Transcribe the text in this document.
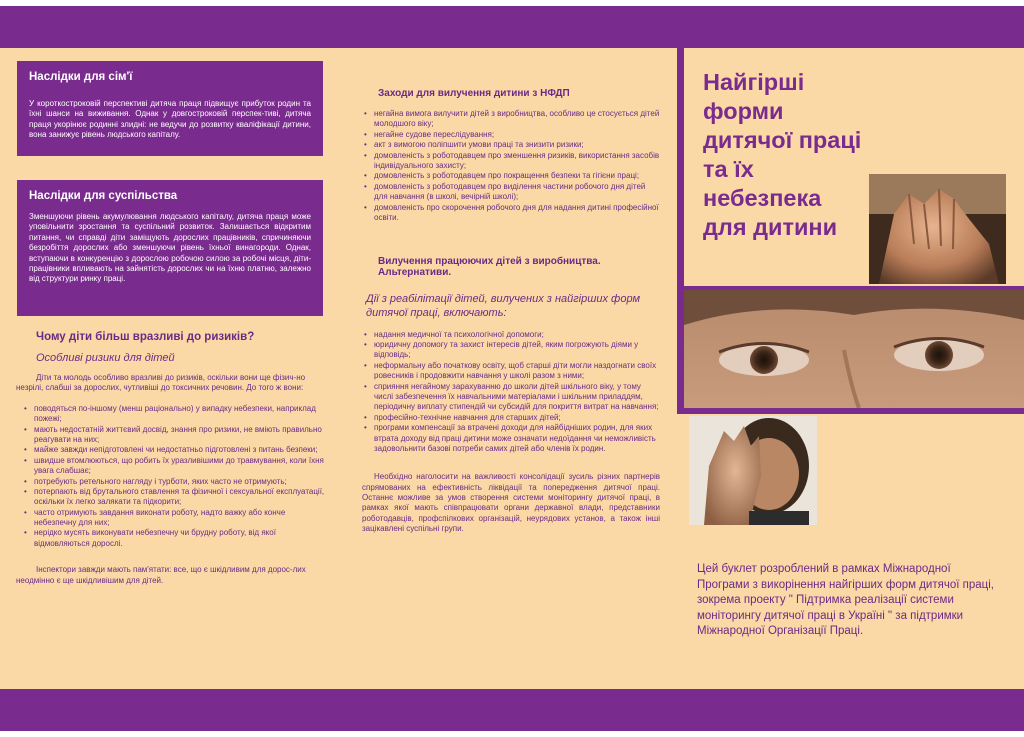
Наслідки для сім'ї

У короткостроковій перспективі дитяча праця підвищує прибуток родин та їхні шанси на виживання. Однак у довгостроковій перспек-тиві, дитяча праця укорінює родинні злидні: не ведучи до розвитку кваліфікації дитини, вона занижує рівень людського капіталу.

Наслідки для суспільства

Зменшуючи рівень акумулювання людського капіталу, дитяча праця може уповільнити зростання та суспільний розвиток. Залишається відкритим питання, чи справді діти заміщують дорослих працівників, спричиняючи безробіття дорослих або зменшуючи рівень їхньої винагороди. Однак, вступаючи в конкуренцію з дорослою робочою силою за робочі місця, діти-працівники впливають на зайнятість дорослих чи на їхню платню, залежно від структури ринку праці.

Чому діти більш вразливі до ризиків?
Особливі ризики для дітей

Діти та молодь особливо вразливі до ризиків, оскільки вони ще фізич-но незрілі, слабші за дорослих, чутливіші до токсичних речовин. До того ж вони:

• поводяться по-іншому (менш раціонально) у випадку небезпеки, наприклад пожежі;
• мають недостатній життєвий досвід, знання про ризики, не вміють правильно реагувати на них;
• майже завжди непідготовлені чи недостатньо підготовлені з питань безпеки;
• швидше втомлюються, що робить їх уразливішими до травмування, коли їхня увага слабшає;
• потребують ретельного нагляду і турботи, яких часто не отримують;
• потерпають від брутального ставлення та фізичної і сексуальної експлуатації, оскільки їх легко залякати та підкорити;
• часто отримують завдання виконати роботу, надто важку або конче небезпечну для них;
• нерідко мусять виконувати небезпечну чи брудну роботу, від якої відмовляються дорослі.

Інспектори завжди мають пам'ятати: все, що є шкідливим для дорос-лих неодмінно є ще шкідливішим для дітей.

Заходи для вилучення дитини з НФДП
• негайна вимога вилучити дітей з виробництва, особливо це стосується дітей молодшого віку;
• негайне судове переслідування;
• акт з вимогою поліпшити умови праці та знизити ризики;
• домовленість з роботодавцем про зменшення ризиків, використання засобів індивідуального захисту;
• домовленість з роботодавцем про покращення безпеки та гігієни праці;
• домовленість з роботодавцем про виділення частини робочого дня дітей для навчання (в школі, вечірній школі);
• домовленість про скорочення робочого дня для надання дитині професійної освіти.
Вилучення працюючих дітей з виробництва. Альтернативи.
Дії з реабілітації дітей, вилучених з найгірших форм дитячої праці, включають:
• надання медичної та психологічної допомоги;
• юридичну допомогу та захист інтересів дітей, яким погрожують діями у відповідь;
• неформальну або початкову освіту, щоб старші діти могли наздогнати своїх ровесників і продовжити навчання у школі разом з ними;
• сприяння негайному зарахуванню до школи дітей шкільного віку, у тому числі забезпечення їх навчальними матеріалами і шкільним приладдям, періодичну виплату стипендій чи субсидій для покриття витрат на навчання;
• професійно-технічне навчання для старших дітей;
• програми компенсації за втрачені доходи для найбідніших родин, для яких втрата доходу від праці дитини може означати недоїдання чи неможливість задовольнити базові потреби самих дітей або членів їх родин.

Необхідно наголосити на важливості консолідації зусиль різних партнерів спрямованих на ефективність ліквідації та попередження дитячої праці. Останнє можливе за умов створення системи моніторингу дитячої праці, в рамках якої мають співпрацювати органи державної влади, представники роботодавців, профспілкових організацій, неурядових установ, а також інші зацікавлені суспільні групи.

Найгірші
форми
дитячої праці
та їх
небезпека
для дитини
Цей буклет розроблений в рамках Міжнародної Програми з викорінення найгірших форм дитячої праці, зокрема проекту " Підтримка реалізації системи моніторингу дитячої праці в Україні " за підтримки Міжнародної Організації Праці.
